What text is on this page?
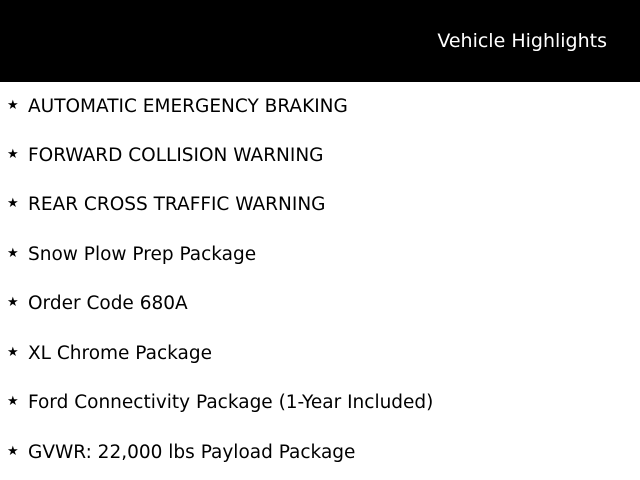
Vehicle Highlights
★ AUTOMATIC EMERGENCY BRAKING
★ FORWARD COLLISION WARNING
★ REAR CROSS TRAFFIC WARNING
★ Snow Plow Prep Package
★ Order Code 680A
★ XL Chrome Package
★ Ford Connectivity Package (1-Year Included)
★ GVWR: 22,000 lbs Payload Package
